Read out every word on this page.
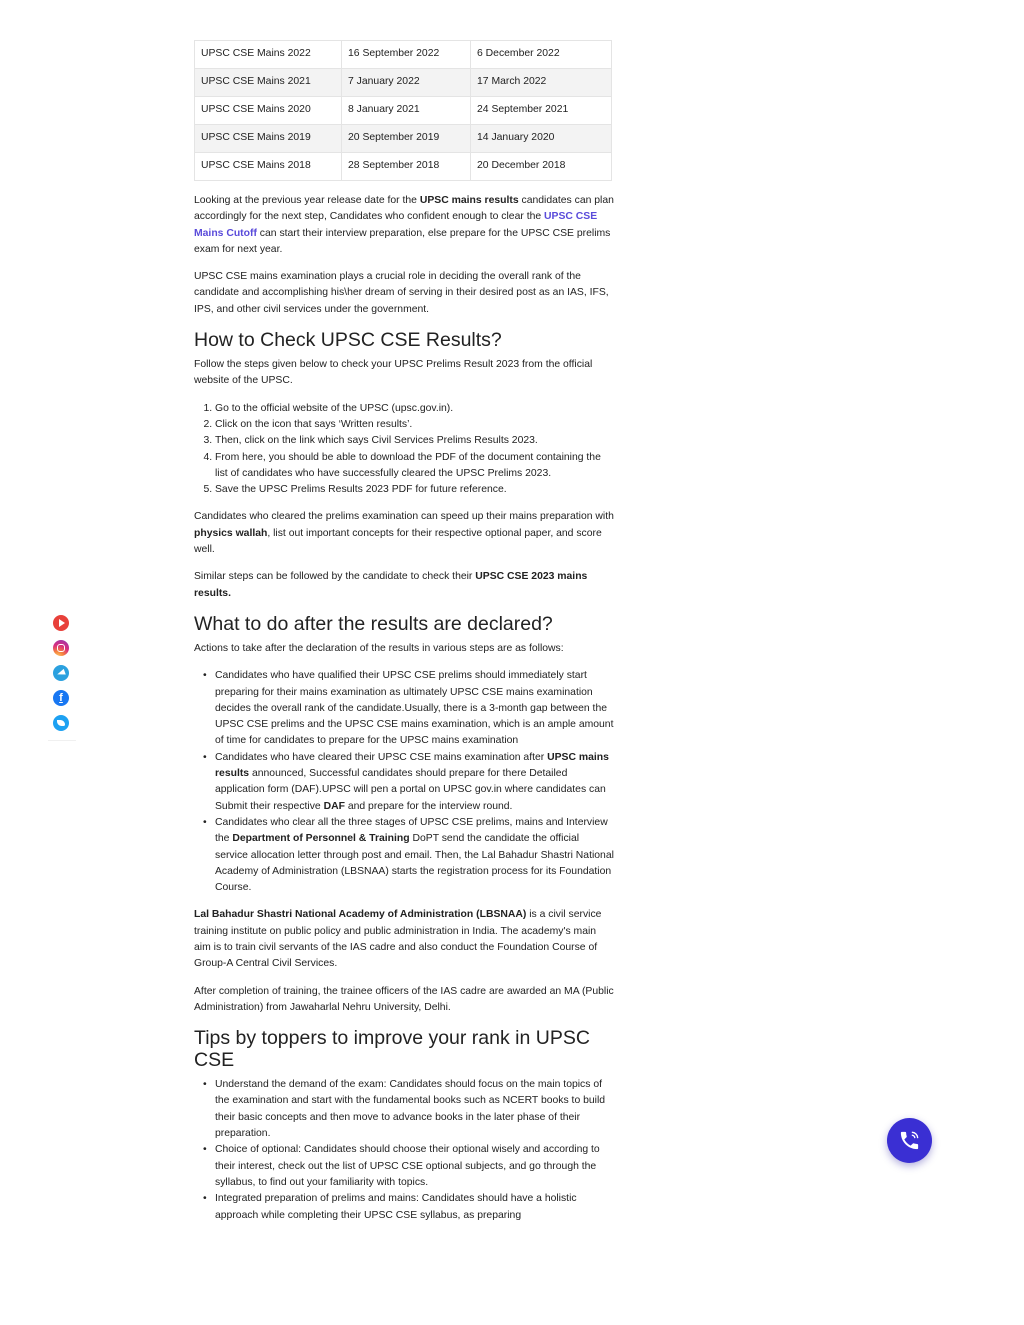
UPSC CSE Mains 2022	16 September 2022	6 December 2022
UPSC CSE Mains 2021	7 January 2022	17 March 2022
UPSC CSE Mains 2020	8 January 2021	24 September 2021
UPSC CSE Mains 2019	20 September 2019	14 January 2020
UPSC CSE Mains 2018	28 September 2018	20 December 2018

Looking at the previous year release date for the UPSC mains results candidates can plan accordingly for the next step, Candidates who confident enough to clear the UPSC CSE Mains Cutoff can start their interview preparation, else prepare for the UPSC CSE prelims exam for next year.

UPSC CSE mains examination plays a crucial role in deciding the overall rank of the candidate and accomplishing his\her dream of serving in their desired post as an IAS, IFS, IPS, and other civil services under the government.

How to Check UPSC CSE Results?

Follow the steps given below to check your UPSC Prelims Result 2023 from the official website of the UPSC.

1. Go to the official website of the UPSC (upsc.gov.in).
2. Click on the icon that says ‘Written results’.
3. Then, click on the link which says Civil Services Prelims Results 2023.
4. From here, you should be able to download the PDF of the document containing the list of candidates who have successfully cleared the UPSC Prelims 2023.
5. Save the UPSC Prelims Results 2023 PDF for future reference.

Candidates who cleared the prelims examination can speed up their mains preparation with physics wallah, list out important concepts for their respective optional paper, and score well.

Similar steps can be followed by the candidate to check their UPSC CSE 2023 mains results.

What to do after the results are declared?

Actions to take after the declaration of the results in various steps are as follows:

• Candidates who have qualified their UPSC CSE prelims should immediately start preparing for their mains examination as ultimately UPSC CSE mains examination decides the overall rank of the candidate.Usually, there is a 3-month gap between the UPSC CSE prelims and the UPSC CSE mains examination, which is an ample amount of time for candidates to prepare for the UPSC mains examination
• Candidates who have cleared their UPSC CSE mains examination after UPSC mains results announced, Successful candidates should prepare for there Detailed application form (DAF).UPSC will pen a portal on UPSC gov.in where candidates can Submit their respective DAF and prepare for the interview round.
• Candidates who clear all the three stages of UPSC CSE prelims, mains and Interview the Department of Personnel & Training DoPT send the candidate the official service allocation letter through post and email. Then, the Lal Bahadur Shastri National Academy of Administration (LBSNAA) starts the registration process for its Foundation Course.

Lal Bahadur Shastri National Academy of Administration (LBSNAA) is a civil service training institute on public policy and public administration in India. The academy's main aim is to train civil servants of the IAS cadre and also conduct the Foundation Course of Group-A Central Civil Services.

After completion of training, the trainee officers of the IAS cadre are awarded an MA (Public Administration) from Jawaharlal Nehru University, Delhi.

Tips by toppers to improve your rank in UPSC CSE
• Understand the demand of the exam: Candidates should focus on the main topics of the examination and start with the fundamental books such as NCERT books to build their basic concepts and then move to advance books in the later phase of their preparation.
• Choice of optional: Candidates should choose their optional wisely and according to their interest, check out the list of UPSC CSE optional subjects, and go through the syllabus, to find out your familiarity with topics.
• Integrated preparation of prelims and mains: Candidates should have a holistic approach while completing their UPSC CSE syllabus, as preparing
f
